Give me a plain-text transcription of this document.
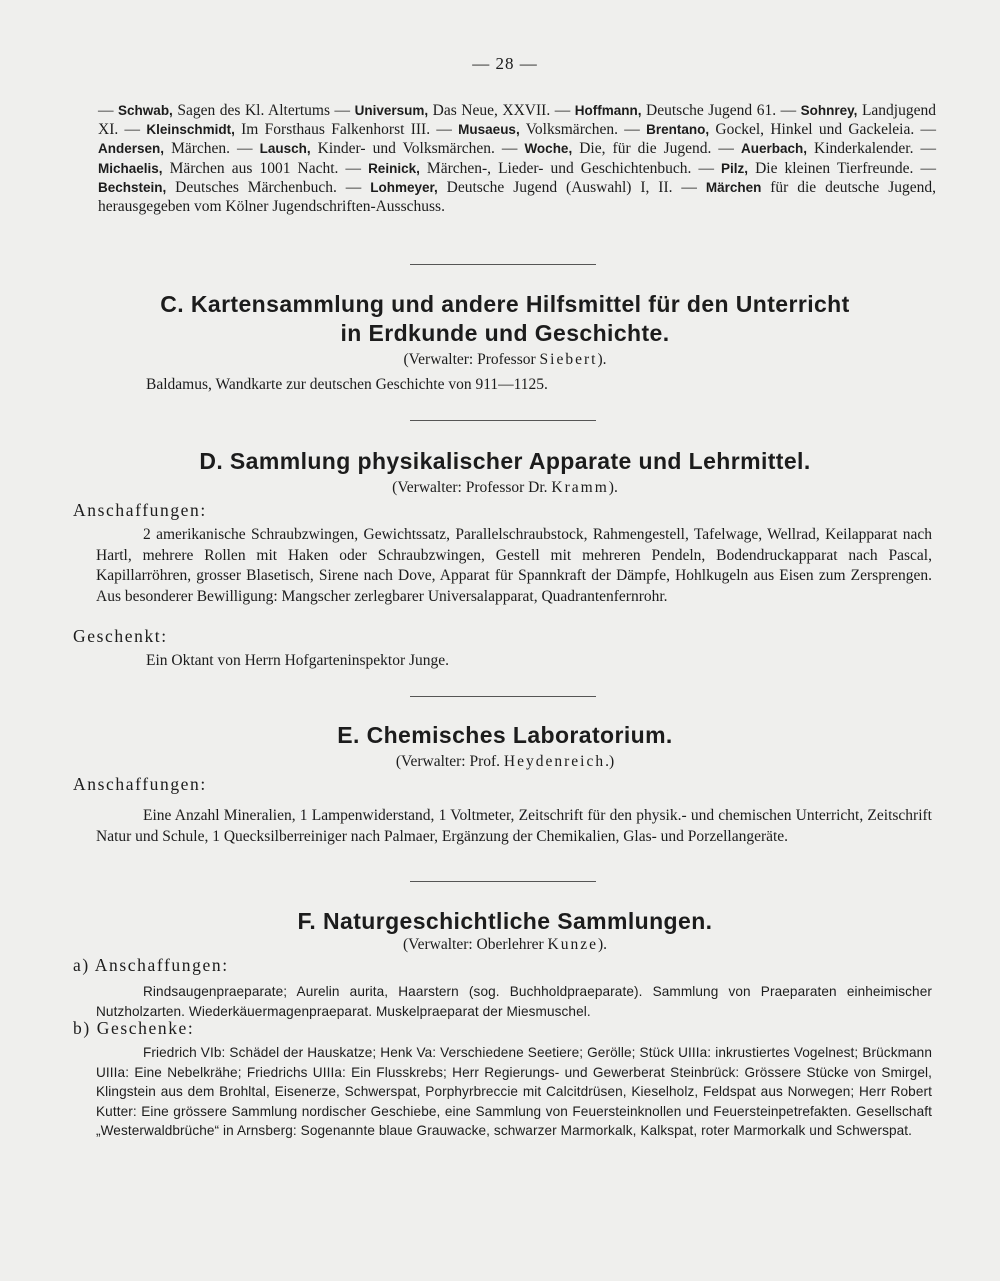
— 28 —
— Schwab, Sagen des Kl. Altertums — Universum, Das Neue, XXVII. — Hoffmann, Deutsche Jugend 61. — Sohnrey, Landjugend XI. — Kleinschmidt, Im Forsthaus Falkenhorst III. — Musaeus, Volksmärchen. — Brentano, Gockel, Hinkel und Gackeleia. — Andersen, Märchen. — Lausch, Kinder- und Volksmärchen. — Woche, Die, für die Jugend. — Auerbach, Kinderkalender. — Michaelis, Märchen aus 1001 Nacht. — Reinick, Märchen-, Lieder- und Geschichtenbuch. — Pilz, Die kleinen Tierfreunde. — Bechstein, Deutsches Märchenbuch. — Lohmeyer, Deutsche Jugend (Auswahl) I, II. — Märchen für die deutsche Jugend, herausgegeben vom Kölner Jugendschriften-Ausschuss.
C. Kartensammlung und andere Hilfsmittel für den Unterricht
in Erdkunde und Geschichte.
(Verwalter: Professor Siebert).
Baldamus, Wandkarte zur deutschen Geschichte von 911—1125.
D. Sammlung physikalischer Apparate und Lehrmittel.
(Verwalter: Professor Dr. Kramm).
Anschaffungen:
2 amerikanische Schraubzwingen, Gewichtssatz, Parallelschraubstock, Rahmengestell, Tafelwage, Wellrad, Keilapparat nach Hartl, mehrere Rollen mit Haken oder Schraubzwingen, Gestell mit mehreren Pendeln, Bodendruckapparat nach Pascal, Kapillarröhren, grosser Blasetisch, Sirene nach Dove, Apparat für Spannkraft der Dämpfe, Hohlkugeln aus Eisen zum Zersprengen. Aus besonderer Bewilligung: Mangscher zerlegbarer Universalapparat, Quadrantenfernrohr.
Geschenkt:
Ein Oktant von Herrn Hofgarteninspektor Junge.
E. Chemisches Laboratorium.
(Verwalter: Prof. Heydenreich.)
Anschaffungen:
Eine Anzahl Mineralien, 1 Lampenwiderstand, 1 Voltmeter, Zeitschrift für den physik.- und chemischen Unterricht, Zeitschrift Natur und Schule, 1 Quecksilberreiniger nach Palmaer, Ergänzung der Chemikalien, Glas- und Porzellangeräte.
F. Naturgeschichtliche Sammlungen.
(Verwalter: Oberlehrer Kunze).
a) Anschaffungen:
Rindsaugenpraeparate; Aurelin aurita, Haarstern (sog. Buchholdpraeparate). Sammlung von Praeparaten einheimischer Nutzholzarten. Wiederkäuermagenpraeparat. Muskelpraeparat der Miesmuschel.
b) Geschenke:
Friedrich VIb: Schädel der Hauskatze; Henk Va: Verschiedene Seetiere; Gerölle; Stück UIIIa: inkrustiertes Vogelnest; Brückmann UIIIa: Eine Nebelkrähe; Friedrichs UIIIa: Ein Flusskrebs; Herr Regierungs- und Gewerberat Steinbrück: Grössere Stücke von Smirgel, Klingstein aus dem Brohltal, Eisenerze, Schwerspat, Porphyrbreccie mit Calcitdrüsen, Kieselholz, Feldspat aus Norwegen; Herr Robert Kutter: Eine grössere Sammlung nordischer Geschiebe, eine Sammlung von Feuersteinknollen und Feuersteinpetrefakten. Gesellschaft „Westerwaldbrüche“ in Arnsberg: Sogenannte blaue Grauwacke, schwarzer Marmorkalk, Kalkspat, roter Marmorkalk und Schwerspat.
